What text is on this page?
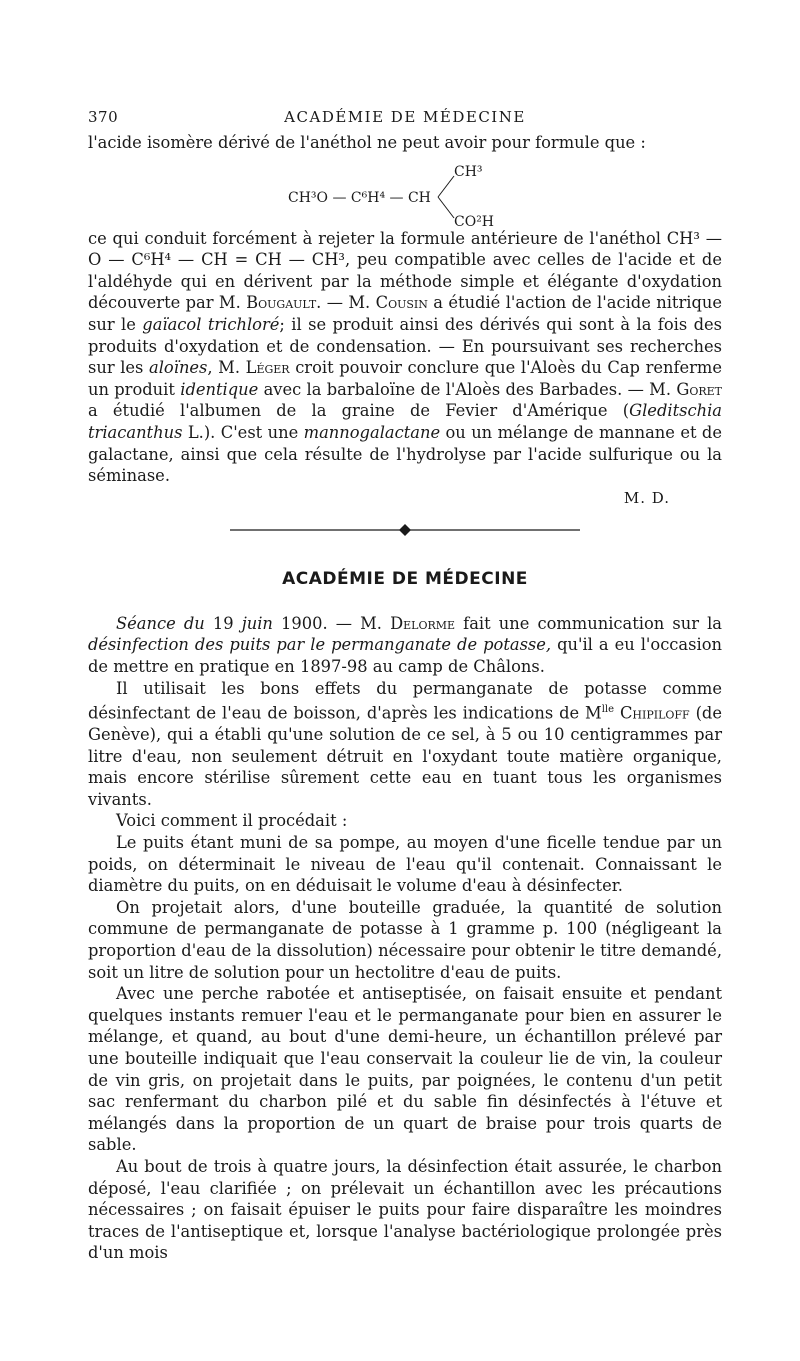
370	ACADÉMIE DE MÉDECINE

l'acide isomère dérivé de l'anéthol ne peut avoir pour formule que :

CH³O — C⁶H⁴ — CH
CH³
CO²H

ce qui conduit forcément à rejeter la formule antérieure de l'anéthol CH³ — O — C⁶H⁴ — CH = CH — CH³, peu compatible avec celles de l'acide et de l'aldéhyde qui en dérivent par la méthode simple et élégante d'oxydation découverte par M. Bougault. — M. Cousin a étudié l'action de l'acide nitrique sur le gaïacol trichloré; il se produit ainsi des dérivés qui sont à la fois des produits d'oxydation et de condensation. — En poursuivant ses recherches sur les aloïnes, M. Léger croit pouvoir conclure que l'Aloès du Cap renferme un produit identique avec la barbaloïne de l'Aloès des Barbades. — M. Goret a étudié l'albumen de la graine de Fevier d'Amérique (Gleditschia triacanthus L.). C'est une mannogalactane ou un mélange de mannane et de galactane, ainsi que cela résulte de l'hydrolyse par l'acide sulfurique ou la séminase.

M. D.
ACADÉMIE DE MÉDECINE

Séance du 19 juin 1900. — M. Delorme fait une communication sur la désinfection des puits par le permanganate de potasse, qu'il a eu l'occasion de mettre en pratique en 1897-98 au camp de Châlons.

Il utilisait les bons effets du permanganate de potasse comme désinfectant de l'eau de boisson, d'après les indications de $M^{lle}$ Chipiloff (de Genève), qui a établi qu'une solution de ce sel, à 5 ou 10 centigrammes par litre d'eau, non seulement détruit en l'oxydant toute matière organique, mais encore stérilise sûrement cette eau en tuant tous les organismes vivants.

Voici comment il procédait :

Le puits étant muni de sa pompe, au moyen d'une ficelle tendue par un poids, on déterminait le niveau de l'eau qu'il contenait. Connaissant le diamètre du puits, on en déduisait le volume d'eau à désinfecter.

On projetait alors, d'une bouteille graduée, la quantité de solution commune de permanganate de potasse à 1 gramme p. 100 (négligeant la proportion d'eau de la dissolution) nécessaire pour obtenir le titre demandé, soit un litre de solution pour un hectolitre d'eau de puits.

Avec une perche rabotée et antiseptisée, on faisait ensuite et pendant quelques instants remuer l'eau et le permanganate pour bien en assurer le mélange, et quand, au bout d'une demi-heure, un échantillon prélevé par une bouteille indiquait que l'eau conservait la couleur lie de vin, la couleur de vin gris, on projetait dans le puits, par poignées, le contenu d'un petit sac renfermant du charbon pilé et du sable fin désinfectés à l'étuve et mélangés dans la proportion de un quart de braise pour trois quarts de sable.

Au bout de trois à quatre jours, la désinfection était assurée, le charbon déposé, l'eau clarifiée ; on prélevait un échantillon avec les précautions nécessaires ; on faisait épuiser le puits pour faire disparaître les moindres traces de l'antiseptique et, lorsque l'analyse bactériologique prolongée près d'un mois
